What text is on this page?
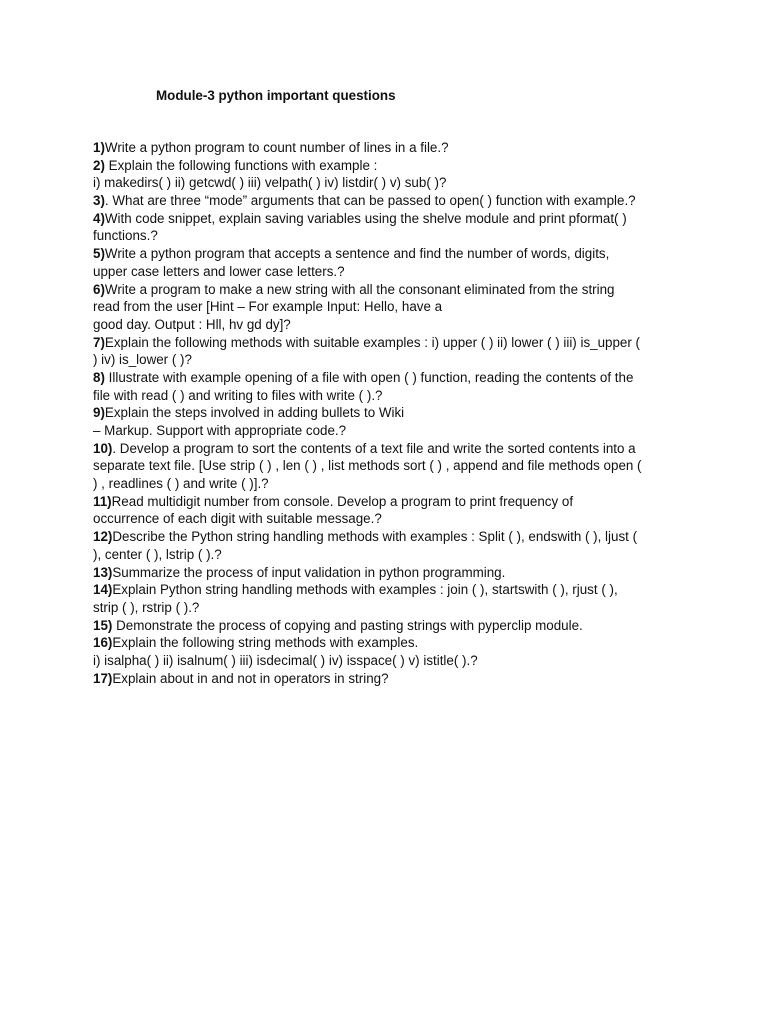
Module-3 python important questions
1)Write a python program to count number of lines in a file.?
2) Explain the following functions with example :
i) makedirs( ) ii) getcwd( ) iii) velpath( ) iv) listdir( ) v) sub( )?
3). What are three “mode” arguments that can be passed to open( ) function with example.?
4)With code snippet, explain saving variables using the shelve module and print pformat( )
functions.?
5)Write a python program that accepts a sentence and find the number of words, digits,
upper case letters and lower case letters.?
6)Write a program to make a new string with all the consonant eliminated from the string
read from the user [Hint – For example Input: Hello, have a
good day. Output : Hll, hv gd dy]?
7)Explain the following methods with suitable examples : i) upper ( ) ii) lower ( ) iii) is_upper (
) iv) is_lower ( )?
8) Illustrate with example opening of a file with open ( ) function, reading the contents of the
file with read ( ) and writing to files with write ( ).?
9)Explain the steps involved in adding bullets to Wiki
– Markup. Support with appropriate code.?
10). Develop a program to sort the contents of a text file and write the sorted contents into a
separate text file. [Use strip ( ) , len ( ) , list methods sort ( ) , append and file methods open (
) , readlines ( ) and write ( )].?
11)Read multidigit number from console. Develop a program to print frequency of
occurrence of each digit with suitable message.?
12)Describe the Python string handling methods with examples : Split ( ), endswith ( ), ljust (
), center ( ), lstrip ( ).?
13)Summarize the process of input validation in python programming.
14)Explain Python string handling methods with examples : join ( ), startswith ( ), rjust ( ),
strip ( ), rstrip ( ).?
15) Demonstrate the process of copying and pasting strings with pyperclip module.
16)Explain the following string methods with examples.
i) isalpha( ) ii) isalnum( ) iii) isdecimal( ) iv) isspace( ) v) istitle( ).?
17)Explain about in and not in operators in string?
